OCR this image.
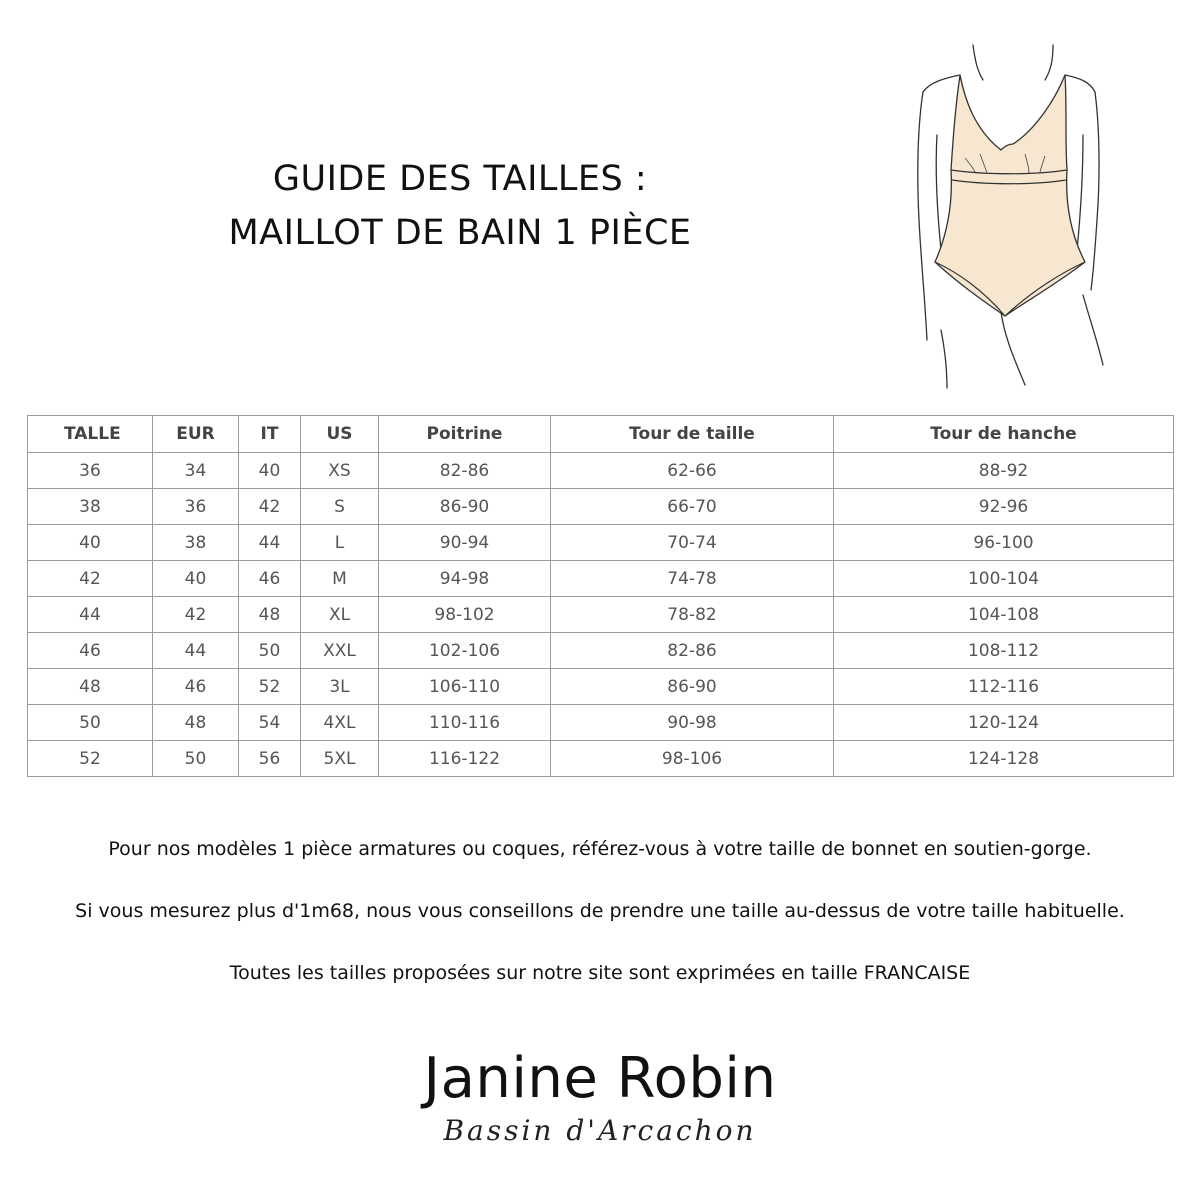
GUIDE DES TAILLES :
MAILLOT DE BAIN 1 PIÈCE
TALLE	EUR	IT	US	Poitrine	Tour de taille	Tour de hanche
36	34	40	XS	82-86	62-66	88-92
38	36	42	S	86-90	66-70	92-96
40	38	44	L	90-94	70-74	96-100
42	40	46	M	94-98	74-78	100-104
44	42	48	XL	98-102	78-82	104-108
46	44	50	XXL	102-106	82-86	108-112
48	46	52	3L	106-110	86-90	112-116
50	48	54	4XL	110-116	90-98	120-124
52	50	56	5XL	116-122	98-106	124-128

Pour nos modèles 1 pièce armatures ou coques, référez-vous à votre taille de bonnet en soutien-gorge.

Si vous mesurez plus d'1m68, nous vous conseillons de prendre une taille au-dessus de votre taille habituelle.

Toutes les tailles proposées sur notre site sont exprimées en taille FRANCAISE

Janine Robin
Bassin d'Arcachon
